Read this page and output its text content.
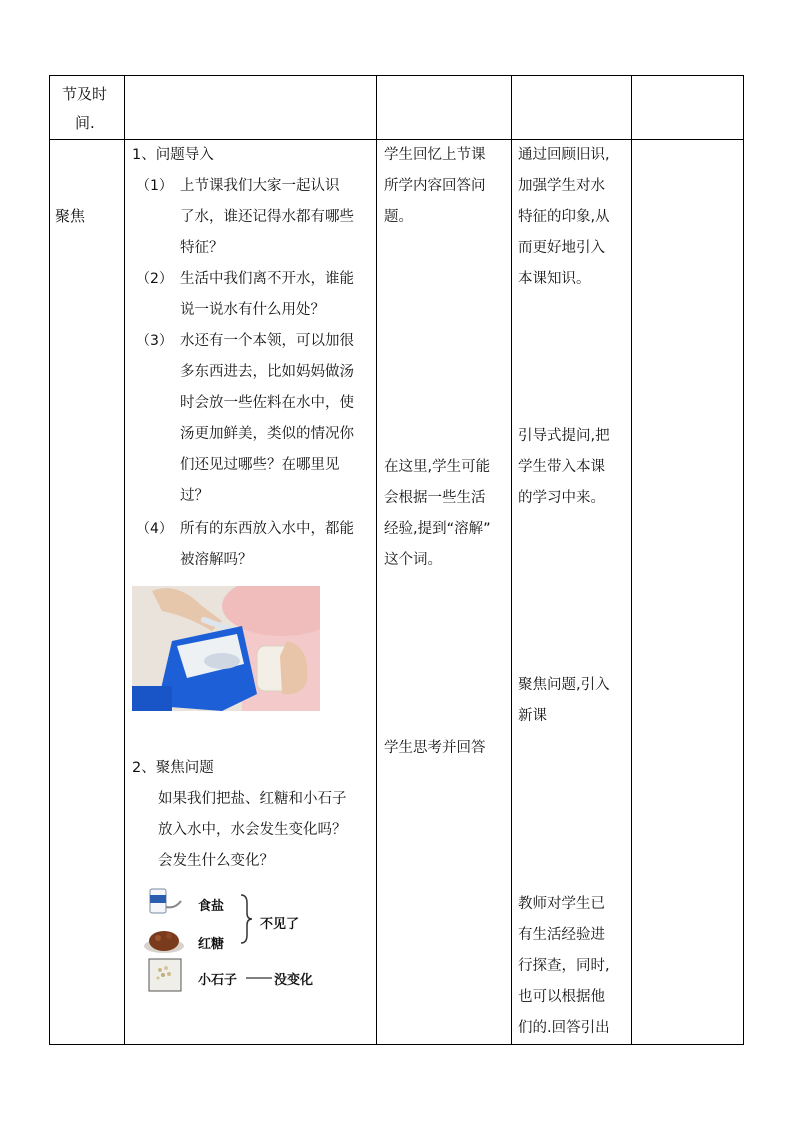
节及时
间.
聚焦
1、问题导入
（1） 上节课我们大家一起认识
了水，谁还记得水都有哪些
特征？
（2） 生活中我们离不开水，谁能
说一说水有什么用处？
（3） 水还有一个本领，可以加很
多东西进去，比如妈妈做汤
时会放一些佐料在水中，使
汤更加鲜美，类似的情况你
们还见过哪些？在哪里见
过？
（4） 所有的东西放入水中，都能
被溶解吗？
2、聚焦问题
如果我们把盐、红糖和小石子
放入水中，水会发生变化吗？
会发生什么变化？
食盐
红糖
不见了
小石子	没变化
学生回忆上节课
所学内容回答问
题。
在这里,学生可能
会根据一些生活
经验,提到“溶解”
这个词。
学生思考并回答
通过回顾旧识,
加强学生对水
特征的印象,从
而更好地引入
本课知识。
引导式提问,把
学生带入本课
的学习中来。
聚焦问题,引入
新课
教师对学生已
有生活经验进
行探查，同时,
也可以根据他
们的.回答引出
